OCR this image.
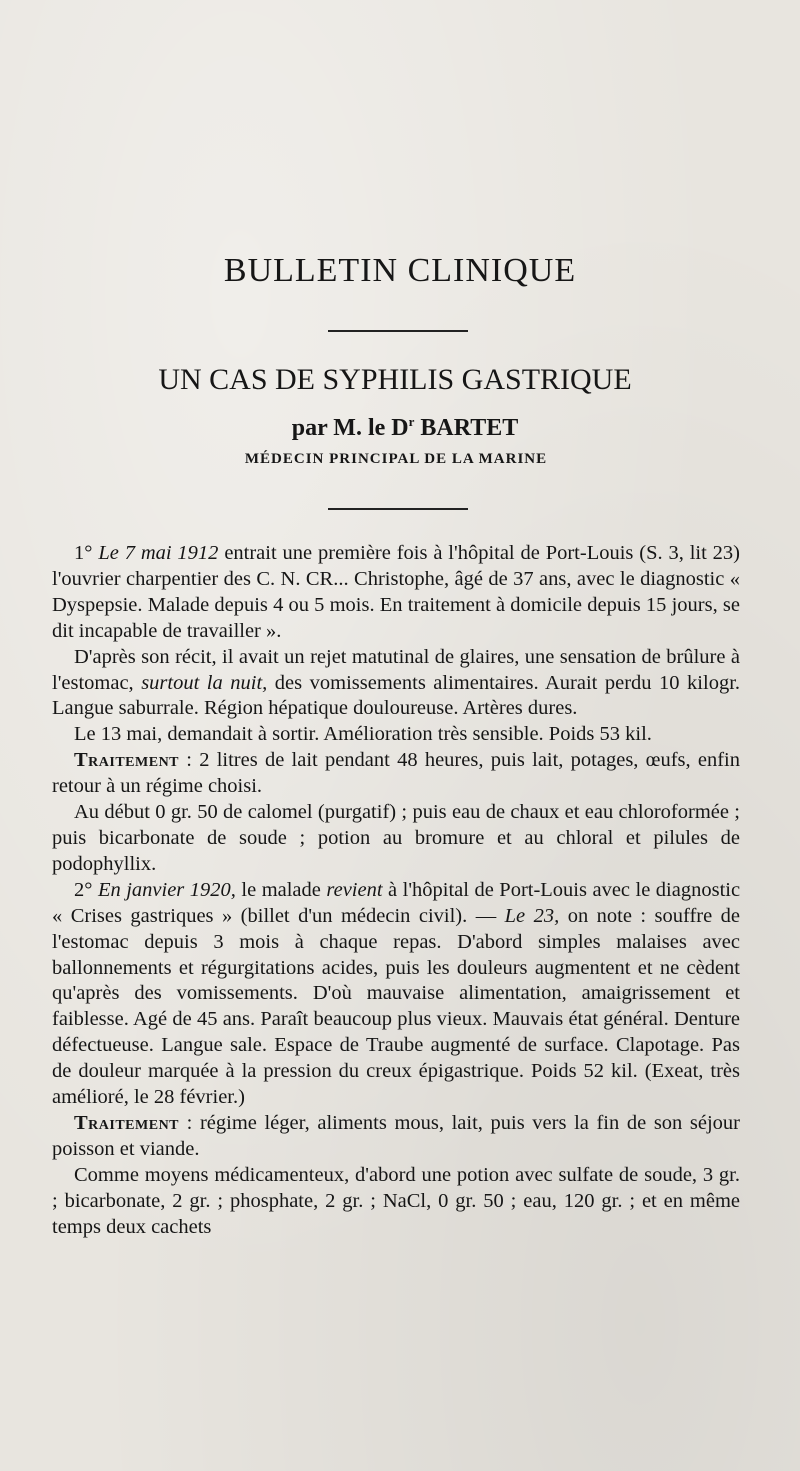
BULLETIN CLINIQUE
UN CAS DE SYPHILIS GASTRIQUE
par M. le $D^r$ BARTET
MÉDECIN PRINCIPAL DE LA MARINE

1° Le 7 mai 1912 entrait une première fois à l'hôpital de Port-Louis (S. 3, lit 23) l'ouvrier charpentier des C. N. CR... Christophe, âgé de 37 ans, avec le diagnostic « Dyspepsie. Malade depuis 4 ou 5 mois. En traitement à domicile depuis 15 jours, se dit incapable de travailler ».

D'après son récit, il avait un rejet matutinal de glaires, une sensation de brûlure à l'estomac, surtout la nuit, des vomissements alimentaires. Aurait perdu 10 kilogr. Langue saburrale. Région hépatique douloureuse. Artères dures.

Le 13 mai, demandait à sortir. Amélioration très sensible. Poids 53 kil.

Traitement : 2 litres de lait pendant 48 heures, puis lait, potages, œufs, enfin retour à un régime choisi.

Au début 0 gr. 50 de calomel (purgatif) ; puis eau de chaux et eau chloroformée ; puis bicarbonate de soude ; potion au bromure et au chloral et pilules de podophyllix.

2° En janvier 1920, le malade revient à l'hôpital de Port-Louis avec le diagnostic « Crises gastriques » (billet d'un médecin civil). — Le 23, on note : souffre de l'estomac depuis 3 mois à chaque repas. D'abord simples malaises avec ballonnements et régurgitations acides, puis les douleurs augmentent et ne cèdent qu'après des vomissements. D'où mauvaise alimentation, amaigrissement et faiblesse. Agé de 45 ans. Paraît beaucoup plus vieux. Mauvais état général. Denture défectueuse. Langue sale. Espace de Traube augmenté de surface. Clapotage. Pas de douleur marquée à la pression du creux épigastrique. Poids 52 kil. (Exeat, très amélioré, le 28 février.)

Traitement : régime léger, aliments mous, lait, puis vers la fin de son séjour poisson et viande.

Comme moyens médicamenteux, d'abord une potion avec sulfate de soude, 3 gr. ; bicarbonate, 2 gr. ; phosphate, 2 gr. ; NaCl, 0 gr. 50 ; eau, 120 gr. ; et en même temps deux cachets
